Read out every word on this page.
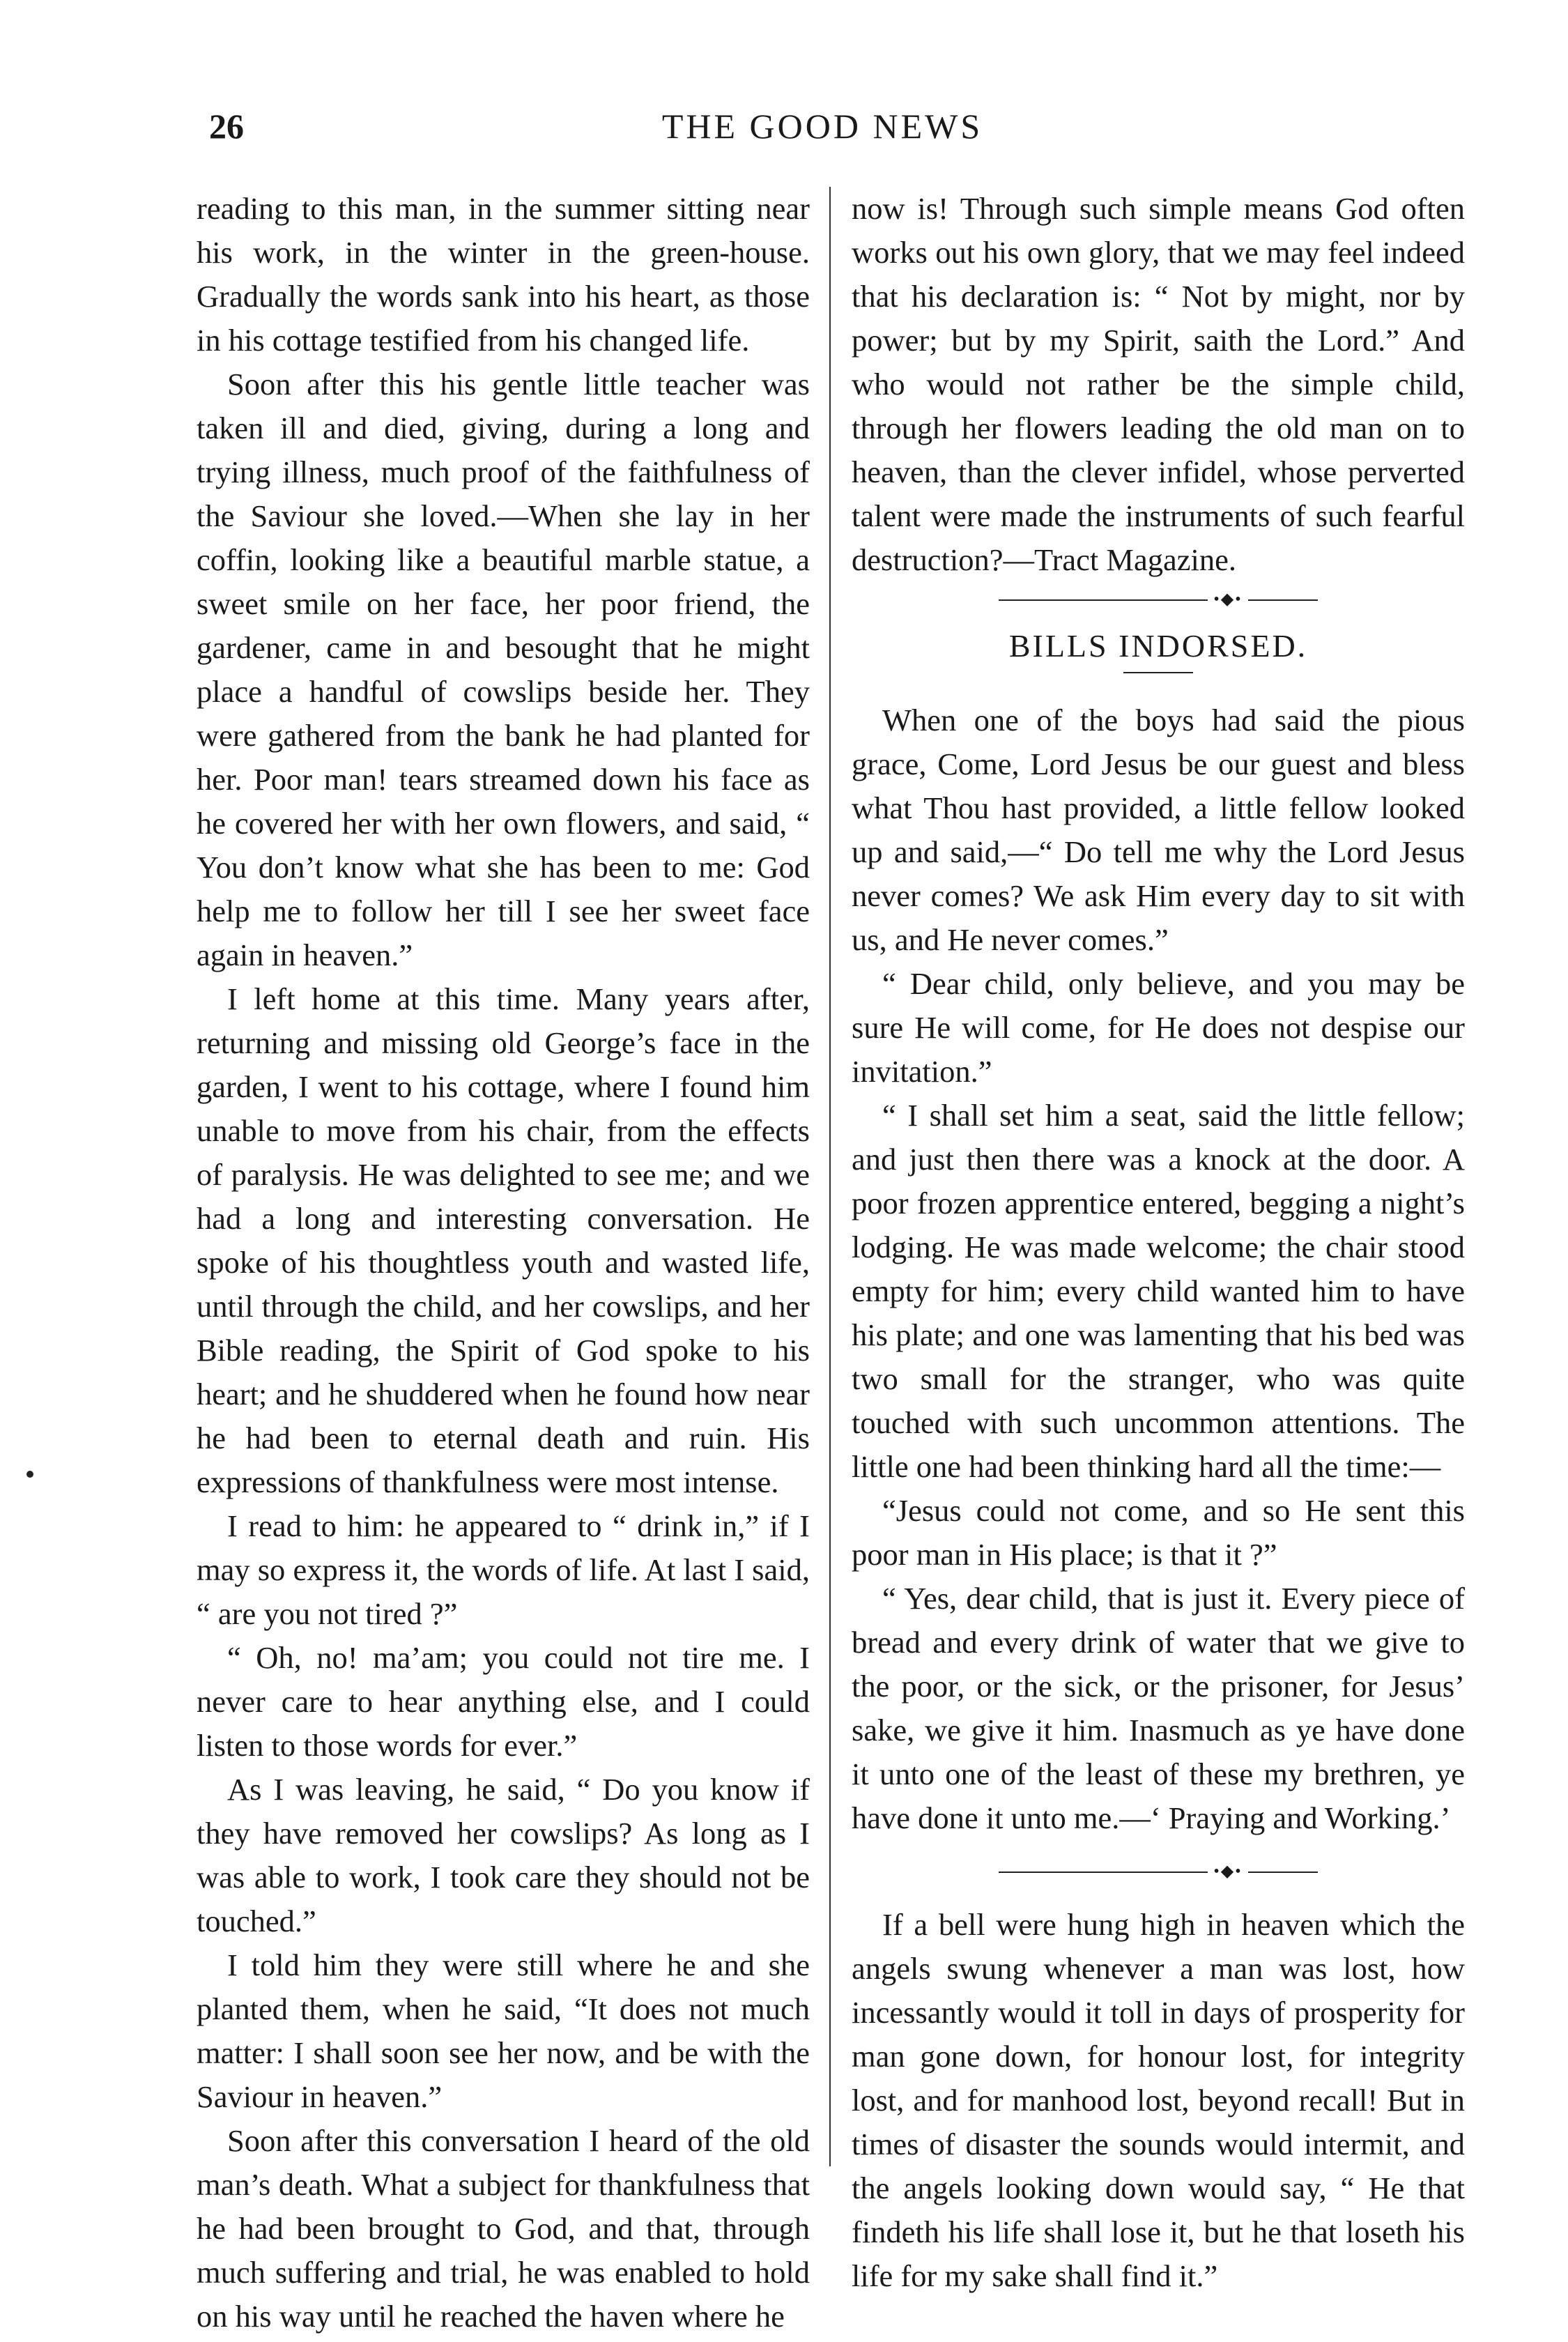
26	THE GOOD NEWS

reading to this man, in the summer sitting near his work, in the winter in the green-house. Gradually the words sank into his heart, as those in his cottage testified from his changed life.

Soon after this his gentle little teacher was taken ill and died, giving, during a long and trying illness, much proof of the faithfulness of the Saviour she loved.—When she lay in her coffin, looking like a beautiful marble statue, a sweet smile on her face, her poor friend, the gardener, came in and besought that he might place a handful of cowslips beside her. They were gathered from the bank he had planted for her. Poor man! tears streamed down his face as he covered her with her own flowers, and said, “ You don’t know what she has been to me: God help me to follow her till I see her sweet face again in heaven.”

I left home at this time. Many years after, returning and missing old George’s face in the garden, I went to his cottage, where I found him unable to move from his chair, from the effects of paralysis. He was delighted to see me; and we had a long and interesting conversation. He spoke of his thoughtless youth and wasted life, until through the child, and her cowslips, and her Bible reading, the Spirit of God spoke to his heart; and he shuddered when he found how near he had been to eternal death and ruin. His expressions of thankfulness were most intense.

I read to him: he appeared to “ drink in,” if I may so express it, the words of life. At last I said, “ are you not tired ?”

“ Oh, no! ma’am; you could not tire me. I never care to hear anything else, and I could listen to those words for ever.”

As I was leaving, he said, “ Do you know if they have removed her cowslips? As long as I was able to work, I took care they should not be touched.”

I told him they were still where he and she planted them, when he said, “It does not much matter: I shall soon see her now, and be with the Saviour in heaven.”

Soon after this conversation I heard of the old man’s death. What a subject for thankfulness that he had been brought to God, and that, through much suffering and trial, he was enabled to hold on his way until he reached the haven where he

now is! Through such simple means God often works out his own glory, that we may feel indeed that his declaration is: “ Not by might, nor by power; but by my Spirit, saith the Lord.” And who would not rather be the simple child, through her flowers leading the old man on to heaven, than the clever infidel, whose perverted talent were made the instruments of such fearful destruction?—Tract Magazine.

•◆•
BILLS INDORSED.

When one of the boys had said the pious grace, Come, Lord Jesus be our guest and bless what Thou hast provided, a little fellow looked up and said,—“ Do tell me why the Lord Jesus never comes? We ask Him every day to sit with us, and He never comes.”

“ Dear child, only believe, and you may be sure He will come, for He does not despise our invitation.”

“ I shall set him a seat, said the little fellow; and just then there was a knock at the door. A poor frozen apprentice entered, begging a night’s lodging. He was made welcome; the chair stood empty for him; every child wanted him to have his plate; and one was lamenting that his bed was two small for the stranger, who was quite touched with such uncommon attentions. The little one had been thinking hard all the time:—

“Jesus could not come, and so He sent this poor man in His place; is that it ?”

“ Yes, dear child, that is just it. Every piece of bread and every drink of water that we give to the poor, or the sick, or the prisoner, for Jesus’ sake, we give it him. Inasmuch as ye have done it unto one of the least of these my brethren, ye have done it unto me.—‘ Praying and Working.’

•◆•

If a bell were hung high in heaven which the angels swung whenever a man was lost, how incessantly would it toll in days of prosperity for man gone down, for honour lost, for integrity lost, and for manhood lost, beyond recall! But in times of disaster the sounds would intermit, and the angels looking down would say, “ He that findeth his life shall lose it, but he that loseth his life for my sake shall find it.”
